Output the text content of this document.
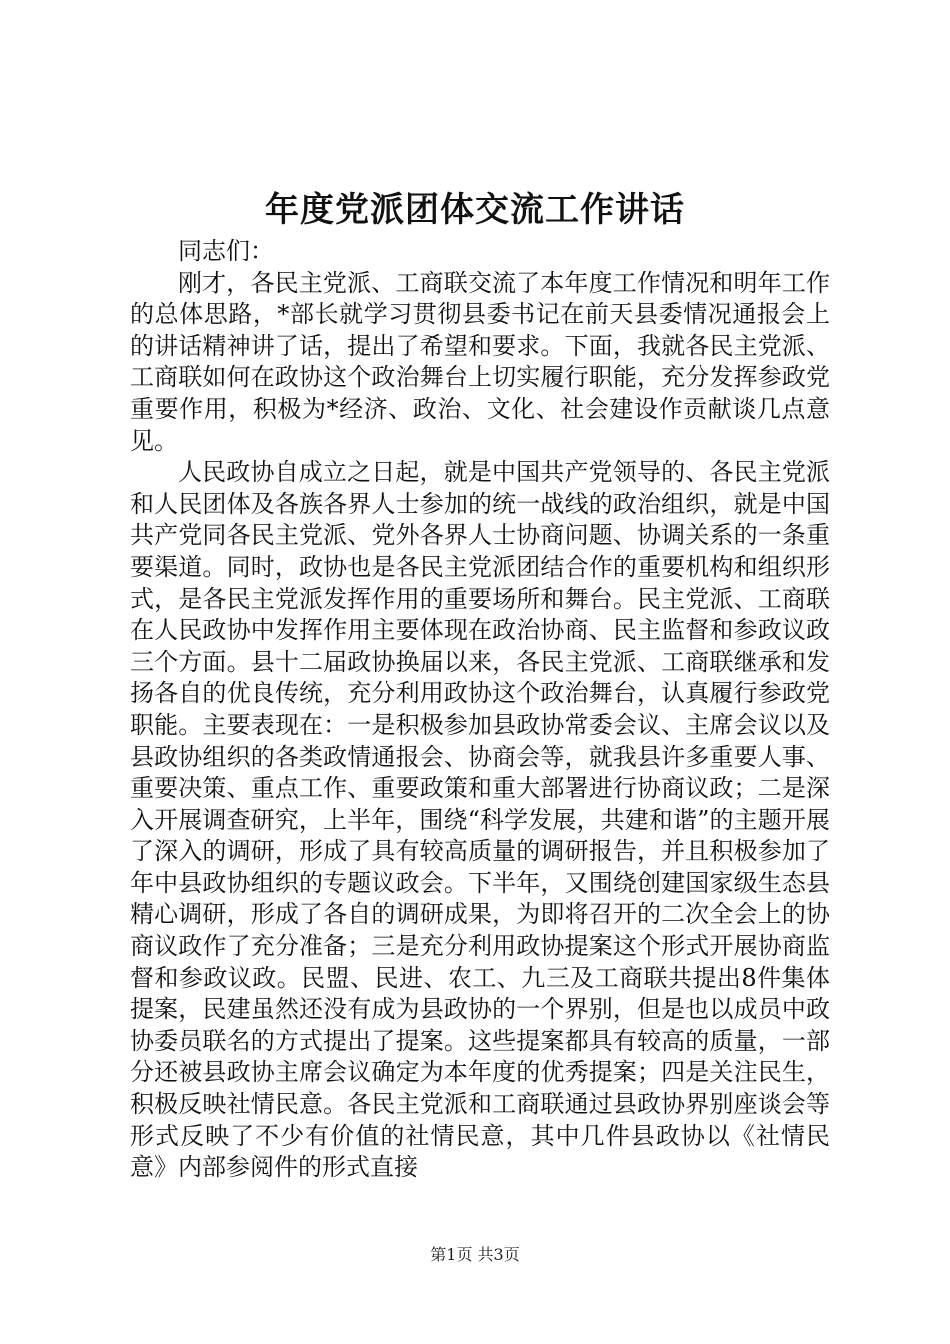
年度党派团体交流工作讲话

同志们：

刚才，各民主党派、工商联交流了本年度工作情况和明年工作的总体思路，*部长就学习贯彻县委书记在前天县委情况通报会上的讲话精神讲了话，提出了希望和要求。下面，我就各民主党派、工商联如何在政协这个政治舞台上切实履行职能，充分发挥参政党重要作用，积极为*经济、政治、文化、社会建设作贡献谈几点意见。

人民政协自成立之日起，就是中国共产党领导的、各民主党派和人民团体及各族各界人士参加的统一战线的政治组织，就是中国共产党同各民主党派、党外各界人士协商问题、协调关系的一条重要渠道。同时，政协也是各民主党派团结合作的重要机构和组织形式，是各民主党派发挥作用的重要场所和舞台。民主党派、工商联在人民政协中发挥作用主要体现在政治协商、民主监督和参政议政三个方面。县十二届政协换届以来，各民主党派、工商联继承和发扬各自的优良传统，充分利用政协这个政治舞台，认真履行参政党职能。主要表现在：一是积极参加县政协常委会议、主席会议以及县政协组织的各类政情通报会、协商会等，就我县许多重要人事、重要决策、重点工作、重要政策和重大部署进行协商议政；二是深入开展调查研究，上半年，围绕“科学发展，共建和谐”的主题开展了深入的调研，形成了具有较高质量的调研报告，并且积极参加了年中县政协组织的专题议政会。下半年，又围绕创建国家级生态县精心调研，形成了各自的调研成果，为即将召开的二次全会上的协商议政作了充分准备；三是充分利用政协提案这个形式开展协商监督和参政议政。民盟、民进、农工、九三及工商联共提出8件集体提案，民建虽然还没有成为县政协的一个界别，但是也以成员中政协委员联名的方式提出了提案。这些提案都具有较高的质量，一部分还被县政协主席会议确定为本年度的优秀提案；四是关注民生，积极反映社情民意。各民主党派和工商联通过县政协界别座谈会等形式反映了不少有价值的社情民意，其中几件县政协以《社情民意》内部参阅件的形式直接

第1页 共3页
